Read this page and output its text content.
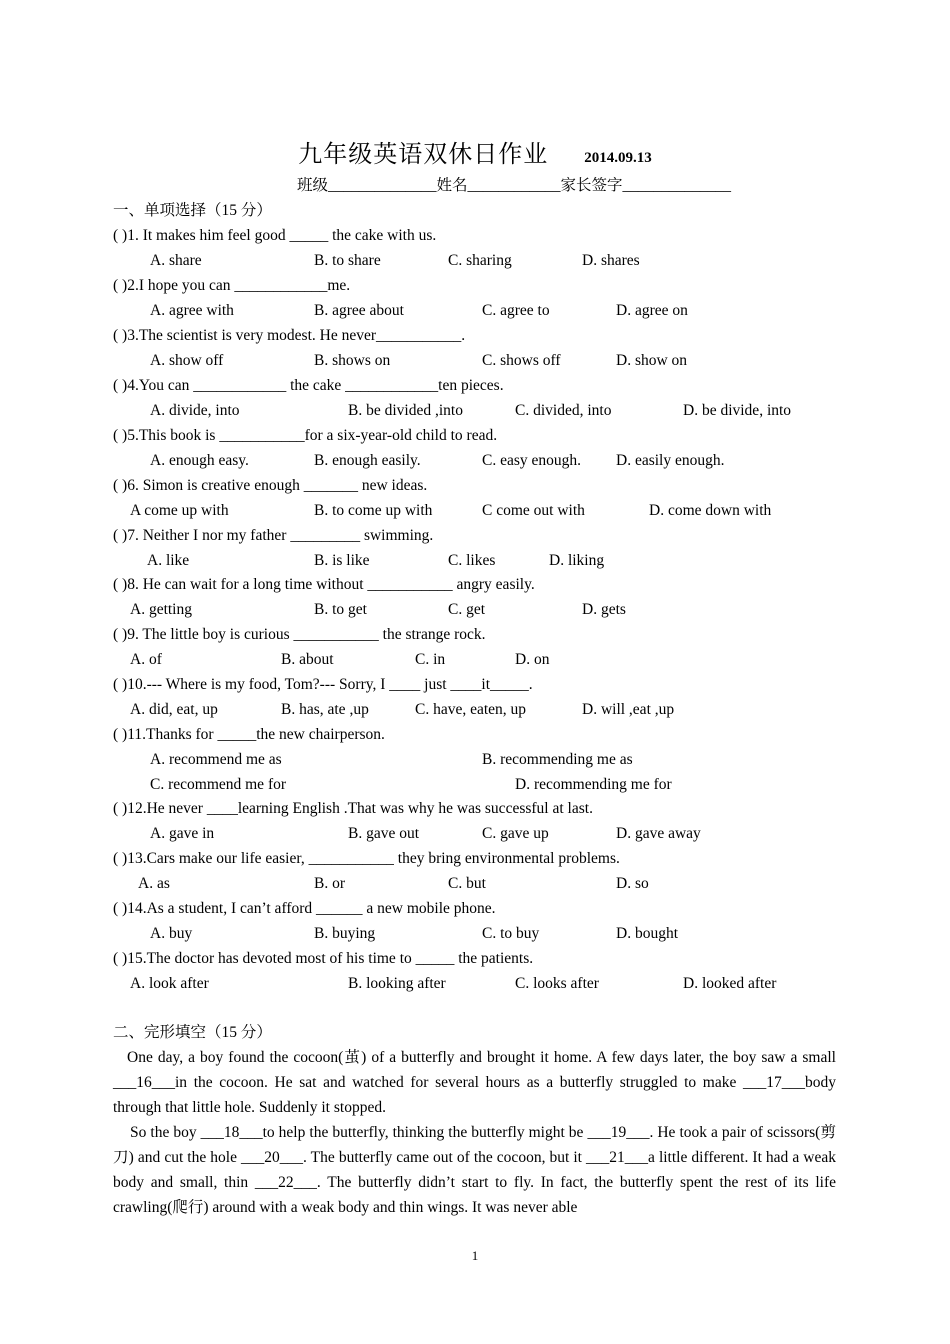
九年级英语双休日作业 2014.09.13
班级______________姓名____________家长签字______________
一、单项选择（15 分）
( )1. It makes him feel good _____ the cake with us.
A. share	B. to share	C. sharing	D. shares
( )2.I hope you can ____________me.
A. agree with	B. agree about	C. agree to	D. agree on
( )3.The scientist is very modest. He never___________.
A. show off	B. shows on	C. shows off	D. show on
( )4.You can ____________ the cake ____________ten pieces.
A. divide, into	B. be divided ,into	C. divided, into	D. be divide, into
( )5.This book is ___________for a six-year-old child to read.
A. enough easy.	B. enough easily.	C. easy enough. D. easily enough.
( )6. Simon is creative enough _______ new ideas.
A come up with	B. to come up with	C come out with	D. come down with
( )7. Neither I nor my father _________ swimming.
A. like	B. is like	C. likes	D. liking
( )8. He can wait for a long time without ___________ angry easily.
A. getting	B. to get	C. get	D. gets
( )9. The little boy is curious ___________ the strange rock.
A. of	B. about	C. in	D. on
( )10.--- Where is my food, Tom?--- Sorry, I ____ just ____it_____.
A. did, eat, up	B. has, ate ,up	C. have, eaten, up	D. will ,eat ,up
( )11.Thanks for _____the new chairperson.
A. recommend me as	B. recommending me as
C. recommend me for	D. recommending me for
( )12.He never ____learning English .That was why he was successful at last.
A. gave in	B. gave out	C. gave up	D. gave away
( )13.Cars make our life easier, ___________ they bring environmental problems.
A. as	B. or	C. but	D. so
( )14.As a student, I can’t afford ______ a new mobile phone.
A. buy	B. buying	C. to buy	D. bought
( )15.The doctor has devoted most of his time to _____ the patients.
A. look after	B. looking after	C. looks after	D. looked after
二、完形填空（15 分）
One day, a boy found the cocoon(茧) of a butterfly and brought it home. A few days later, the boy saw a small ___16___in the cocoon. He sat and watched for several hours as a butterfly struggled to make ___17___body through that little hole. Suddenly it stopped.
So the boy ___18___to help the butterfly, thinking the butterfly might be ___19___. He took a pair of scissors(剪刀) and cut the hole ___20___. The butterfly came out of the cocoon, but it ___21___a little different. It had a weak body and small, thin ___22___. The butterfly didn’t start to fly. In fact, the butterfly spent the rest of its life crawling(爬行) around with a weak body and thin wings. It was never able
1
